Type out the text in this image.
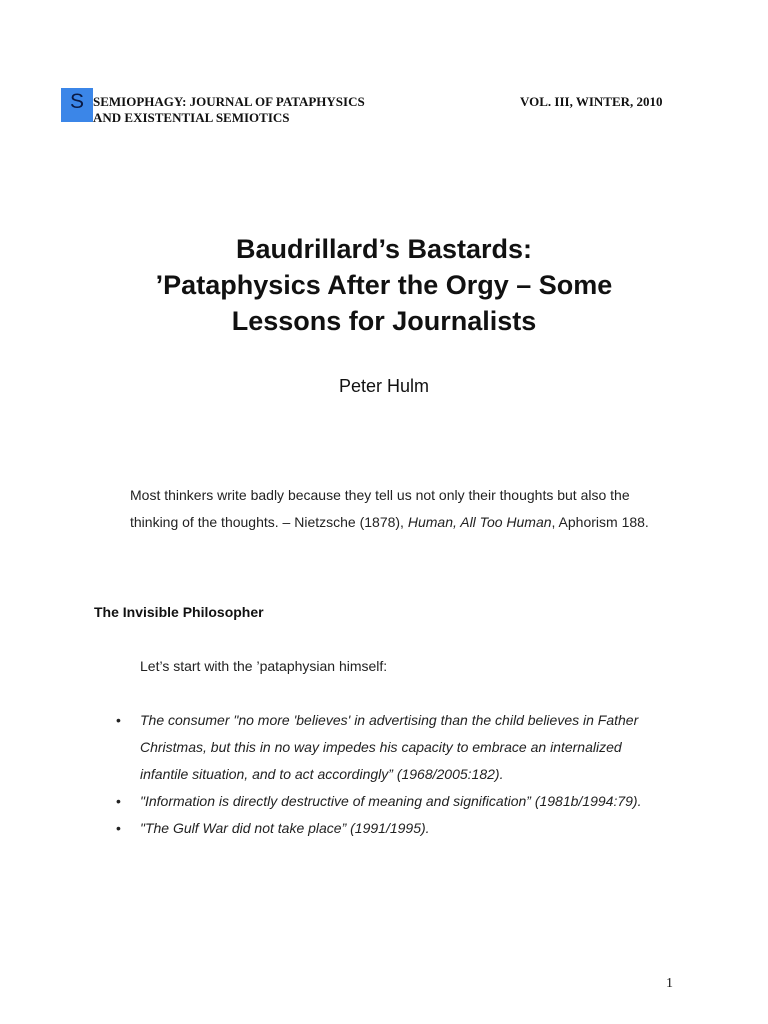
S SEMIOPHAGY: JOURNAL OF PATAPHYSICS
AND EXISTENTIAL SEMIOTICS
VOL. III, WINTER, 2010
Baudrillard’s Bastards:
’Pataphysics After the Orgy – Some
Lessons for Journalists
Peter Hulm

Most thinkers write badly because they tell us not only their thoughts but also the thinking of the thoughts. – Nietzsche (1878), Human, All Too Human, Aphorism 188.

The Invisible Philosopher
Let’s start with the ’pataphysian himself:
• The consumer "no more 'believes' in advertising than the child believes in Father Christmas, but this in no way impedes his capacity to embrace an internalized infantile situation, and to act accordingly” (1968/2005:182).
• "Information is directly destructive of meaning and signification” (1981b/1994:79).
• "The Gulf War did not take place” (1991/1995).
1
